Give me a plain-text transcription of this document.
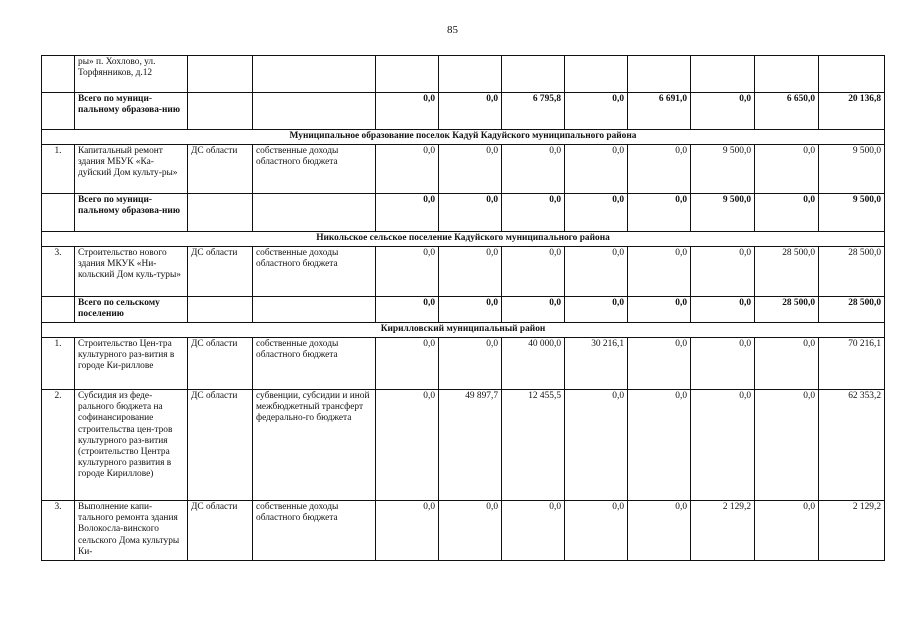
85
	ры» п. Хохлово, ул. Торфянников, д.12										
	Всего по муници-пальному образова-нию			0,0	0,0	6 795,8	0,0	6 691,0	0,0	6 650,0	20 136,8
Муниципальное образование поселок Кадуй Кадуйского муниципального района											
1.	Капитальный ремонт здания МБУК «Ка-дуйский Дом культу-ры»	ДС области	собственные доходы областного бюджета	0,0	0,0	0,0	0,0	0,0	9 500,0	0,0	9 500,0
	Всего по муници-пальному образова-нию			0,0	0,0	0,0	0,0	0,0	9 500,0	0,0	9 500,0
Никольское сельское поселение Кадуйского муниципального района											
3.	Строительство нового здания МКУК «Ни-кольский Дом куль-туры»	ДС области	собственные доходы областного бюджета	0,0	0,0	0,0	0,0	0,0	0,0	28 500,0	28 500,0
	Всего по сельскому поселению			0,0	0,0	0,0	0,0	0,0	0,0	28 500,0	28 500,0
Кирилловский муниципальный район											
1.	Строительство Цен-тра культурного раз-вития в городе Ки-риллове	ДС области	собственные доходы областного бюджета	0,0	0,0	40 000,0	30 216,1	0,0	0,0	0,0	70 216,1
2.	Субсидия из феде-рального бюджета на софинансирование строительства цен-тров культурного раз-вития (строительство Центра культурного развития в городе Кириллове)	ДС области	субвенции, субсидии и иной межбюджетный трансферт федерально-го бюджета	0,0	49 897,7	12 455,5	0,0	0,0	0,0	0,0	62 353,2
3.	Выполнение капи-тального ремонта здания Волокосла-винского сельского Дома культуры Ки-	ДС области	собственные доходы областного бюджета	0,0	0,0	0,0	0,0	0,0	2 129,2	0,0	2 129,2
